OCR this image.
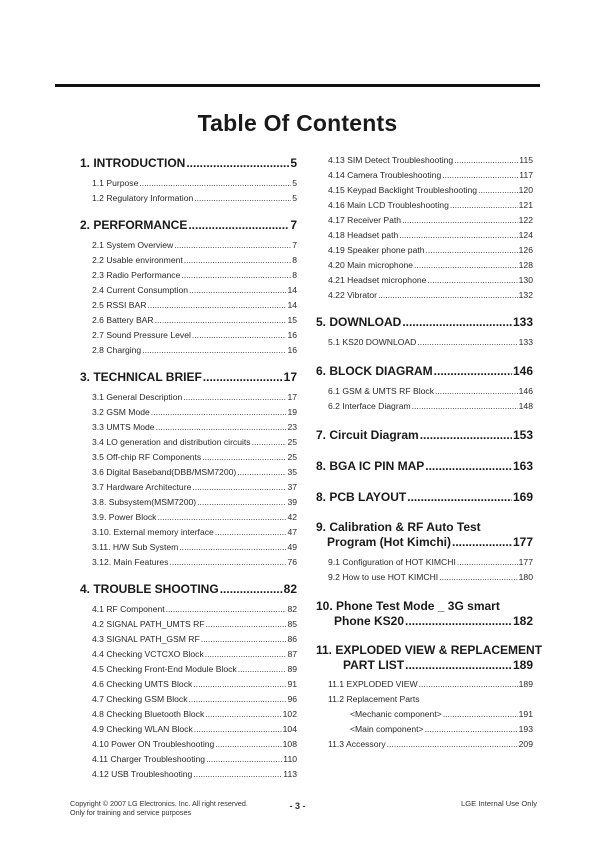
Table Of Contents
1. INTRODUCTION .....	5
1.1 Purpose .....	5
1.2 Regulatory Information .....	5
2. PERFORMANCE .....	7
2.1 System Overview .....	7
2.2 Usable environment .....	8
2.3 Radio Performance .....	8
2.4 Current Consumption .....	14
2.5 RSSI BAR .....	14
2.6 Battery BAR .....	15
2.7 Sound Pressure Level .....	16
2.8 Charging .....	16
3. TECHNICAL BRIEF .....	17
3.1 General Description .....	17
3.2 GSM Mode .....	19
3.3 UMTS Mode .....	23
3.4 LO generation and distribution circuits .....	25
3.5 Off-chip RF Components .....	25
3.6 Digital Baseband(DBB/MSM7200) .....	35
3.7 Hardware Architecture .....	37
3.8. Subsystem(MSM7200) .....	39
3.9. Power Block .....	42
3.10. External memory interface .....	47
3.11. H/W Sub System .....	49
3.12. Main Features .....	76
4. TROUBLE SHOOTING .....	82
4.1 RF Component .....	82
4.2 SIGNAL PATH_UMTS RF .....	85
4.3 SIGNAL PATH_GSM RF .....	86
4.4 Checking VCTCXO Block .....	87
4.5 Checking Front-End Module Block .....	89
4.6 Checking UMTS Block .....	91
4.7 Checking GSM Block .....	96
4.8 Checking Bluetooth Block .....	102
4.9 Checking WLAN Block .....	104
4.10 Power ON Troubleshooting .....	108
4.11 Charger Troubleshooting .....	110
4.12 USB Troubleshooting .....	113
4.13 SIM Detect Troubleshooting .....	115
4.14 Camera Troubleshooting .....	117
4.15 Keypad Backlight Troubleshooting .....	120
4.16 Main LCD Troubleshooting .....	121
4.17 Receiver Path .....	122
4.18 Headset path .....	124
4.19 Speaker phone path .....	126
4.20 Main microphone .....	128
4.21 Headset microphone .....	130
4.22 Vibrator .....	132
5. DOWNLOAD .....	133
5.1 KS20 DOWNLOAD .....	133
6. BLOCK DIAGRAM .....	146
6.1 GSM & UMTS RF Block .....	146
6.2 Interface Diagram .....	148
7. Circuit Diagram .....	153
8. BGA IC PIN MAP .....	163
8. PCB LAYOUT .....	169
9. Calibration & RF Auto Test
Program (Hot Kimchi) .....	177
9.1 Configuration of HOT KIMCHI .....	177
9.2 How to use HOT KIMCHI .....	180
10. Phone Test Mode _ 3G smart
Phone KS20 .....	182
11. EXPLODED VIEW & REPLACEMENT
PART LIST .....	189
11.1 EXPLODED VIEW .....	189
11.2 Replacement Parts
<Mechanic component> .....	191
<Main component> .....	193
11.3 Accessory .....	209
Copyright © 2007 LG Electronics. Inc. All right reserved.
Only for training and service purposes
- 3 -	LGE Internal Use Only
